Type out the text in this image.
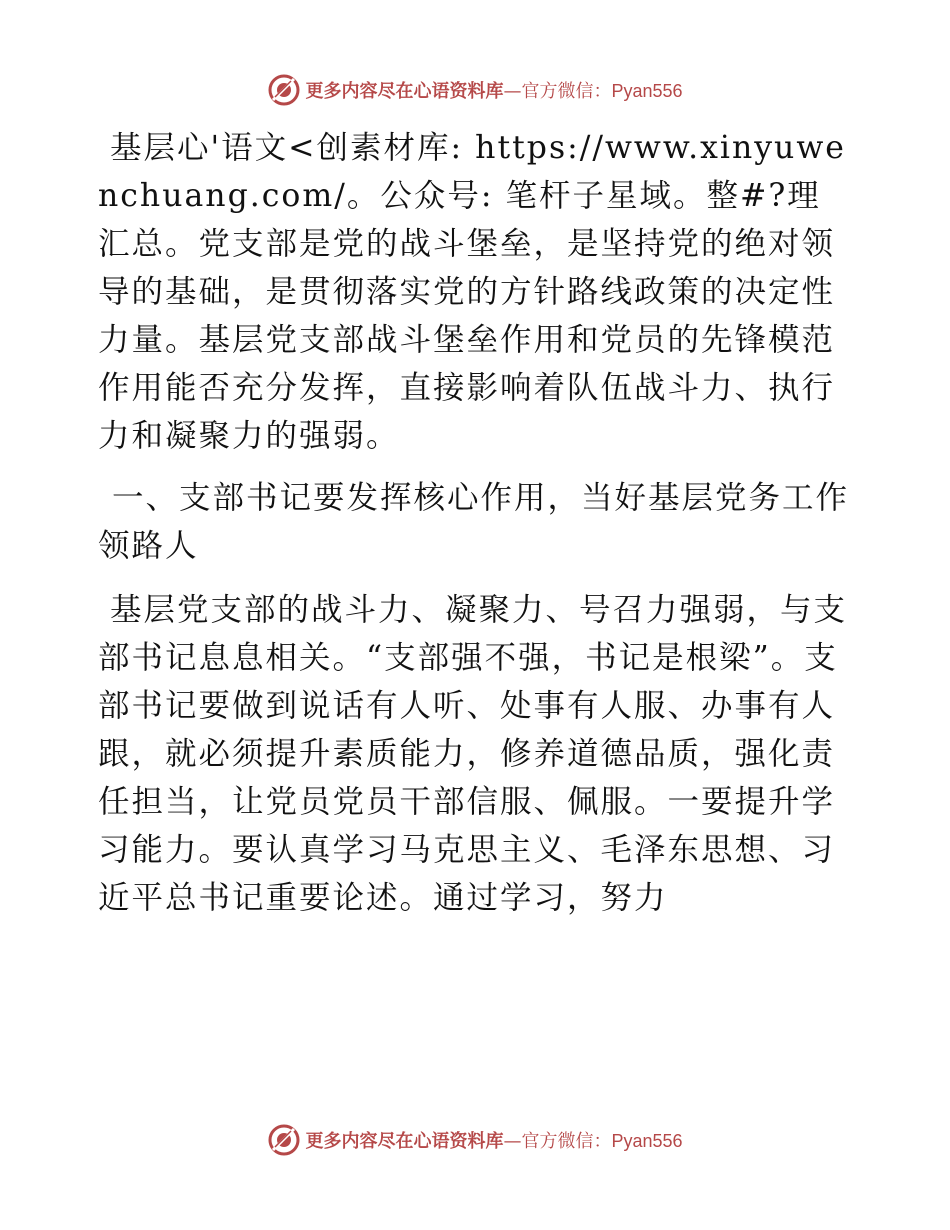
更多内容尽在心语资料库—官方微信：Pyan556

基层心'语文<创素材库: https://www.xinyuwenchuang.com/。公众号: 笔杆子星域。整#?理汇总。党支部是党的战斗堡垒，是坚持党的绝对领导的基础，是贯彻落实党的方针路线政策的决定性力量。基层党支部战斗堡垒作用和党员的先锋模范作用能否充分发挥，直接影响着队伍战斗力、执行力和凝聚力的强弱。

一、支部书记要发挥核心作用，当好基层党务工作领路人

基层党支部的战斗力、凝聚力、号召力强弱，与支部书记息息相关。“支部强不强，书记是根梁”。支部书记要做到说话有人听、处事有人服、办事有人跟，就必须提升素质能力，修养道德品质，强化责任担当，让党员党员干部信服、佩服。一要提升学习能力。要认真学习马克思主义、毛泽东思想、习近平总书记重要论述。通过学习，努力

更多内容尽在心语资料库—官方微信：Pyan556
